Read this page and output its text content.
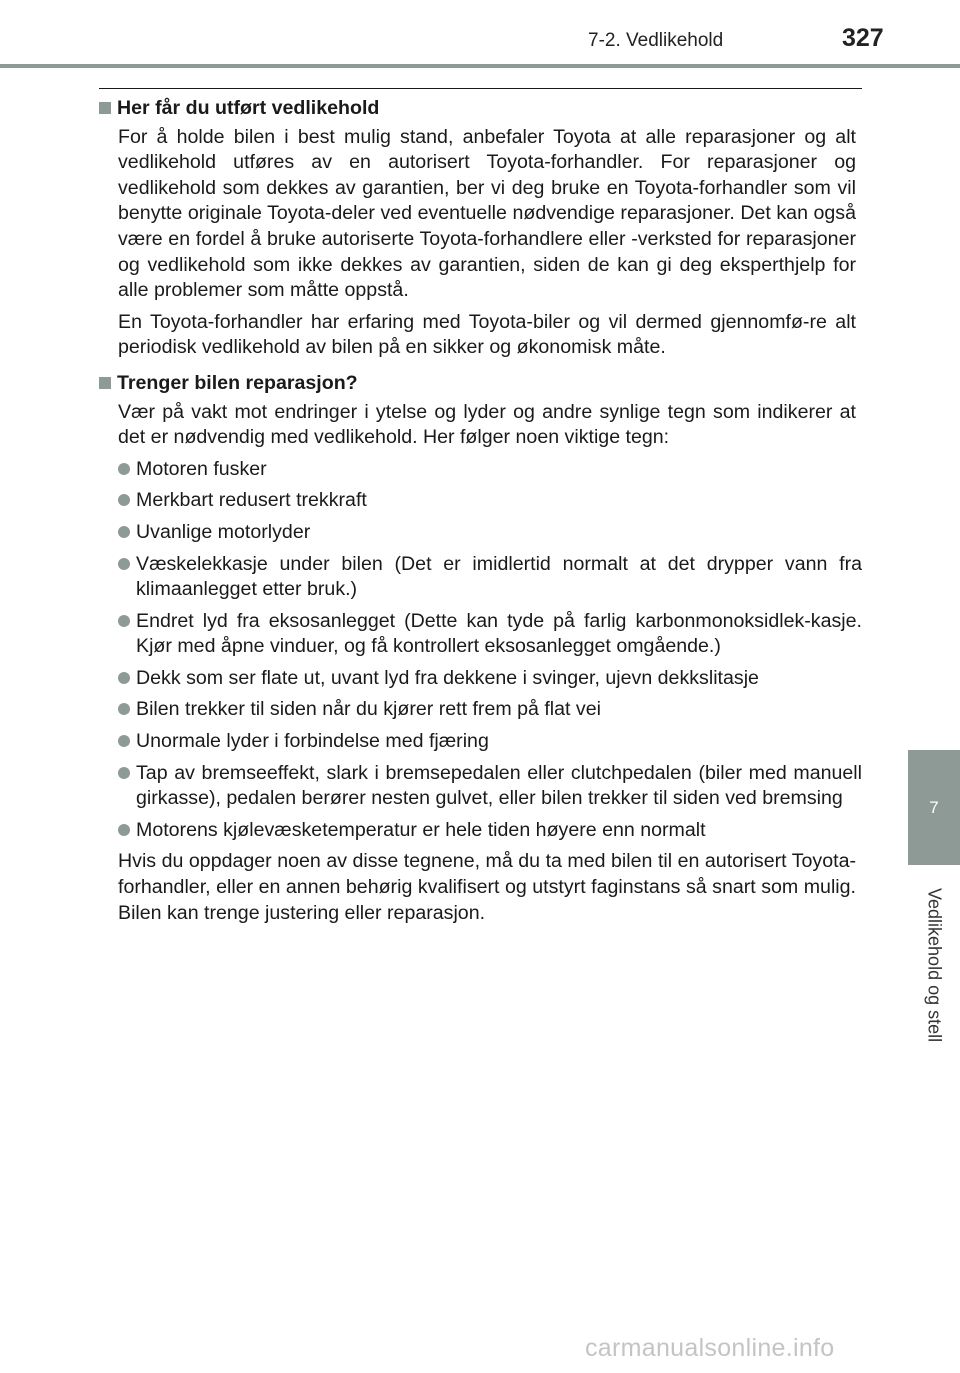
7-2. Vedlikehold	327
7
Vedlikehold og stell
Her får du utført vedlikehold

For å holde bilen i best mulig stand, anbefaler Toyota at alle reparasjoner og alt vedlikehold utføres av en autorisert Toyota-forhandler. For reparasjoner og vedlikehold som dekkes av garantien, ber vi deg bruke en Toyota-forhandler som vil benytte originale Toyota-deler ved eventuelle nødvendige reparasjoner. Det kan også være en fordel å bruke autoriserte Toyota-forhandlere eller -verksted for reparasjoner og vedlikehold som ikke dekkes av garantien, siden de kan gi deg eksperthjelp for alle problemer som måtte oppstå.

En Toyota-forhandler har erfaring med Toyota-biler og vil dermed gjennomfø-re alt periodisk vedlikehold av bilen på en sikker og økonomisk måte.

Trenger bilen reparasjon?

Vær på vakt mot endringer i ytelse og lyder og andre synlige tegn som indikerer at det er nødvendig med vedlikehold. Her følger noen viktige tegn:

Motoren fusker
Merkbart redusert trekkraft
Uvanlige motorlyder
Væskelekkasje under bilen (Det er imidlertid normalt at det drypper vann fra klimaanlegget etter bruk.)
Endret lyd fra eksosanlegget (Dette kan tyde på farlig karbonmonoksidlek-kasje. Kjør med åpne vinduer, og få kontrollert eksosanlegget omgående.)
Dekk som ser flate ut, uvant lyd fra dekkene i svinger, ujevn dekkslitasje
Bilen trekker til siden når du kjører rett frem på flat vei
Unormale lyder i forbindelse med fjæring
Tap av bremseeffekt, slark i bremsepedalen eller clutchpedalen (biler med manuell girkasse), pedalen berører nesten gulvet, eller bilen trekker til siden ved bremsing
Motorens kjølevæsketemperatur er hele tiden høyere enn normalt

Hvis du oppdager noen av disse tegnene, må du ta med bilen til en autorisert Toyota-forhandler, eller en annen behørig kvalifisert og utstyrt faginstans så snart som mulig. Bilen kan trenge justering eller reparasjon.

carmanualsonline.info
